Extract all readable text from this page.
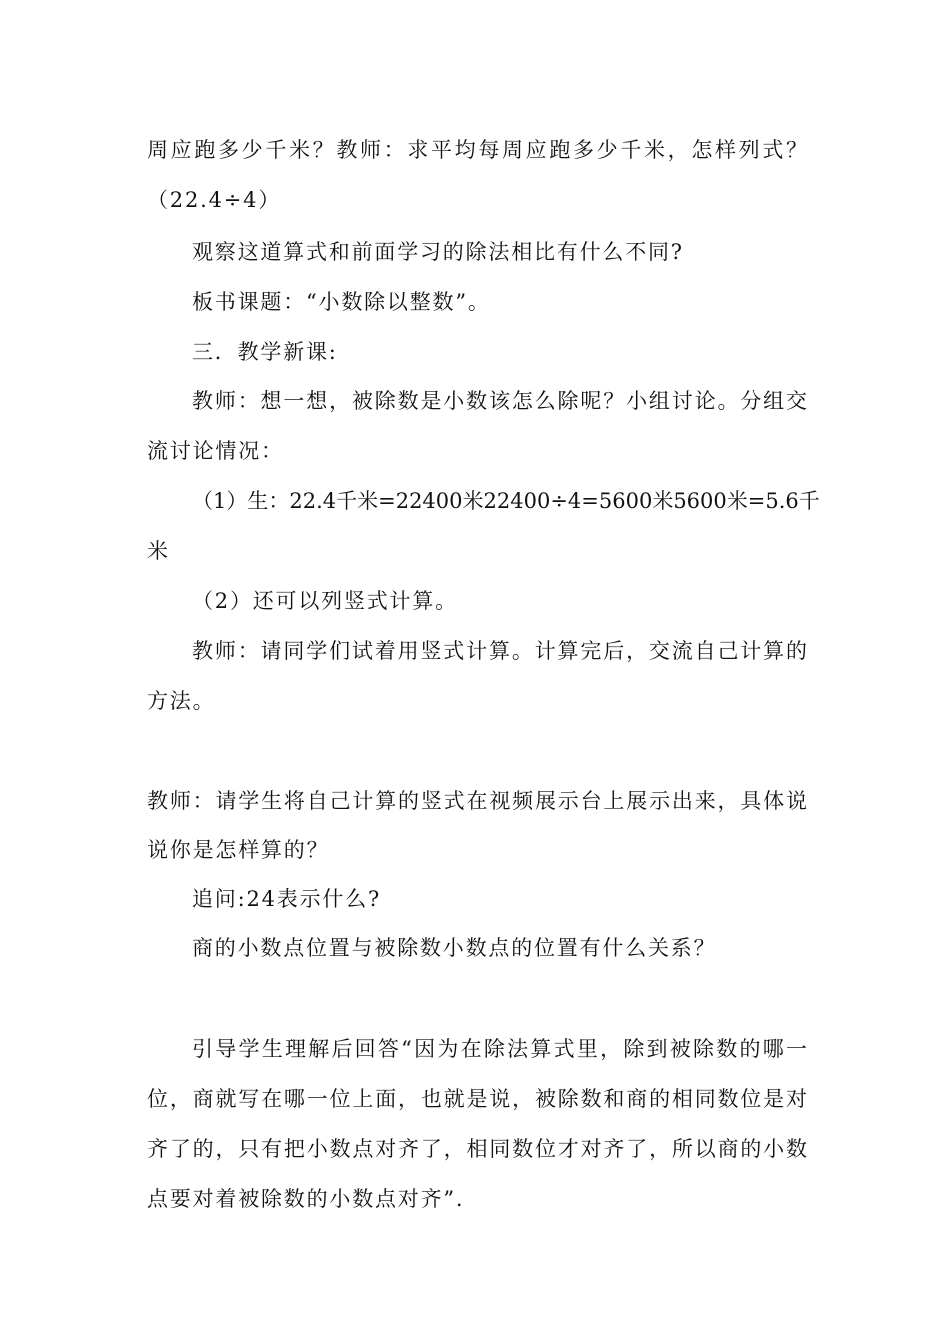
周应跑多少千米？教师：求平均每周应跑多少千米，怎样列式？
（22.4÷4）
观察这道算式和前面学习的除法相比有什么不同?
板书课题：“小数除以整数”。
三．教学新课:
教师：想一想，被除数是小数该怎么除呢？小组讨论。分组交
流讨论情况：
（1）生：22.4千米=22400米22400÷4=5600米5600米=5.6千
米
（2）还可以列竖式计算。
教师：请同学们试着用竖式计算。计算完后，交流自己计算的
方法。
教师：请学生将自己计算的竖式在视频展示台上展示出来，具体说
说你是怎样算的？
追问:24表示什么?
商的小数点位置与被除数小数点的位置有什么关系？
引导学生理解后回答“因为在除法算式里，除到被除数的哪一
位，商就写在哪一位上面，也就是说，被除数和商的相同数位是对
齐了的，只有把小数点对齐了，相同数位才对齐了，所以商的小数
点要对着被除数的小数点对齐”.
